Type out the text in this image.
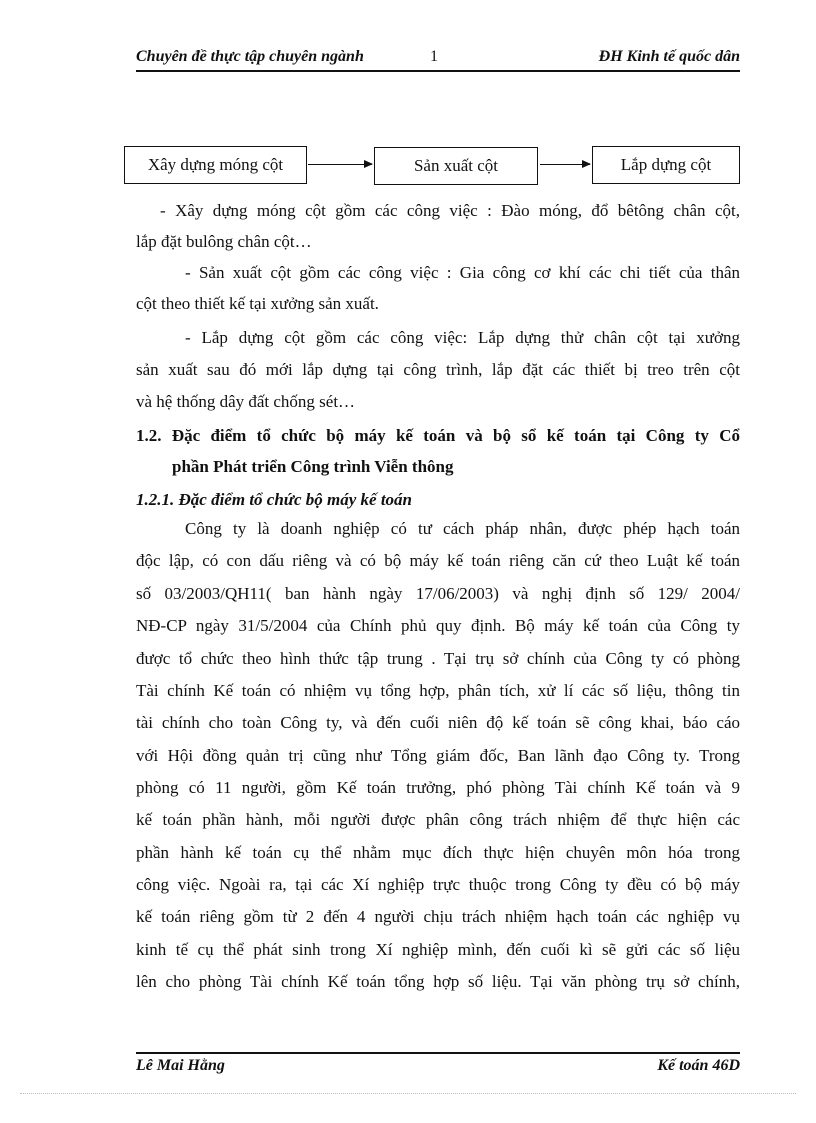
Chuyên đề thực tập chuyên ngành	1	ĐH Kinh tế quốc dân
Xây dựng móng cột	Sản xuất cột	Lắp dựng cột
- Xây dựng móng cột gồm các công việc : Đào móng, đổ bêtông chân cột,
lắp đặt bulông chân cột…
- Sản xuất cột gồm các công việc : Gia công cơ khí các chi tiết của thân
cột theo thiết kế tại xưởng sản xuất.
- Lắp dựng cột gồm các công việc: Lắp dựng thử chân cột tại xưởng
sản xuất sau đó mới lắp dựng tại công trình, lắp đặt các thiết bị treo trên cột
và hệ thống dây đất chống sét…
1.2. Đặc điểm tổ chức bộ máy kế toán và bộ sổ kế toán tại Công ty Cổ
phần Phát triển Công trình Viễn thông
1.2.1. Đặc điểm tổ chức bộ máy kế toán
Công ty là doanh nghiệp có tư cách pháp nhân, được phép hạch toán
độc lập, có con dấu riêng và có bộ máy kế toán riêng căn cứ theo Luật kế toán
số 03/2003/QH11( ban hành ngày 17/06/2003) và nghị định số 129/ 2004/
NĐ-CP ngày 31/5/2004 của Chính phủ quy định. Bộ máy kế toán của Công ty
được tổ chức theo hình thức tập trung . Tại trụ sở chính của Công ty có phòng
Tài chính Kế toán có nhiệm vụ tổng hợp, phân tích, xử lí các số liệu, thông tin
tài chính cho toàn Công ty, và đến cuối niên độ kế toán sẽ công khai, báo cáo
với Hội đồng quản trị cũng như Tổng giám đốc, Ban lãnh đạo Công ty. Trong
phòng có 11 người, gồm Kế toán trưởng, phó phòng Tài chính Kế toán và 9
kế toán phần hành, mỗi người được phân công trách nhiệm để thực hiện các
phần hành kế toán cụ thể nhằm mục đích thực hiện chuyên môn hóa trong
công việc. Ngoài ra, tại các Xí nghiệp trực thuộc trong Công ty đều có bộ máy
kế toán riêng gồm từ 2 đến 4 người chịu trách nhiệm hạch toán các nghiệp vụ
kinh tế cụ thể phát sinh trong Xí nghiệp mình, đến cuối kì sẽ gửi các số liệu
lên cho phòng Tài chính Kế toán tổng hợp số liệu. Tại văn phòng trụ sở chính,
Lê Mai Hằng	Kế toán 46D
